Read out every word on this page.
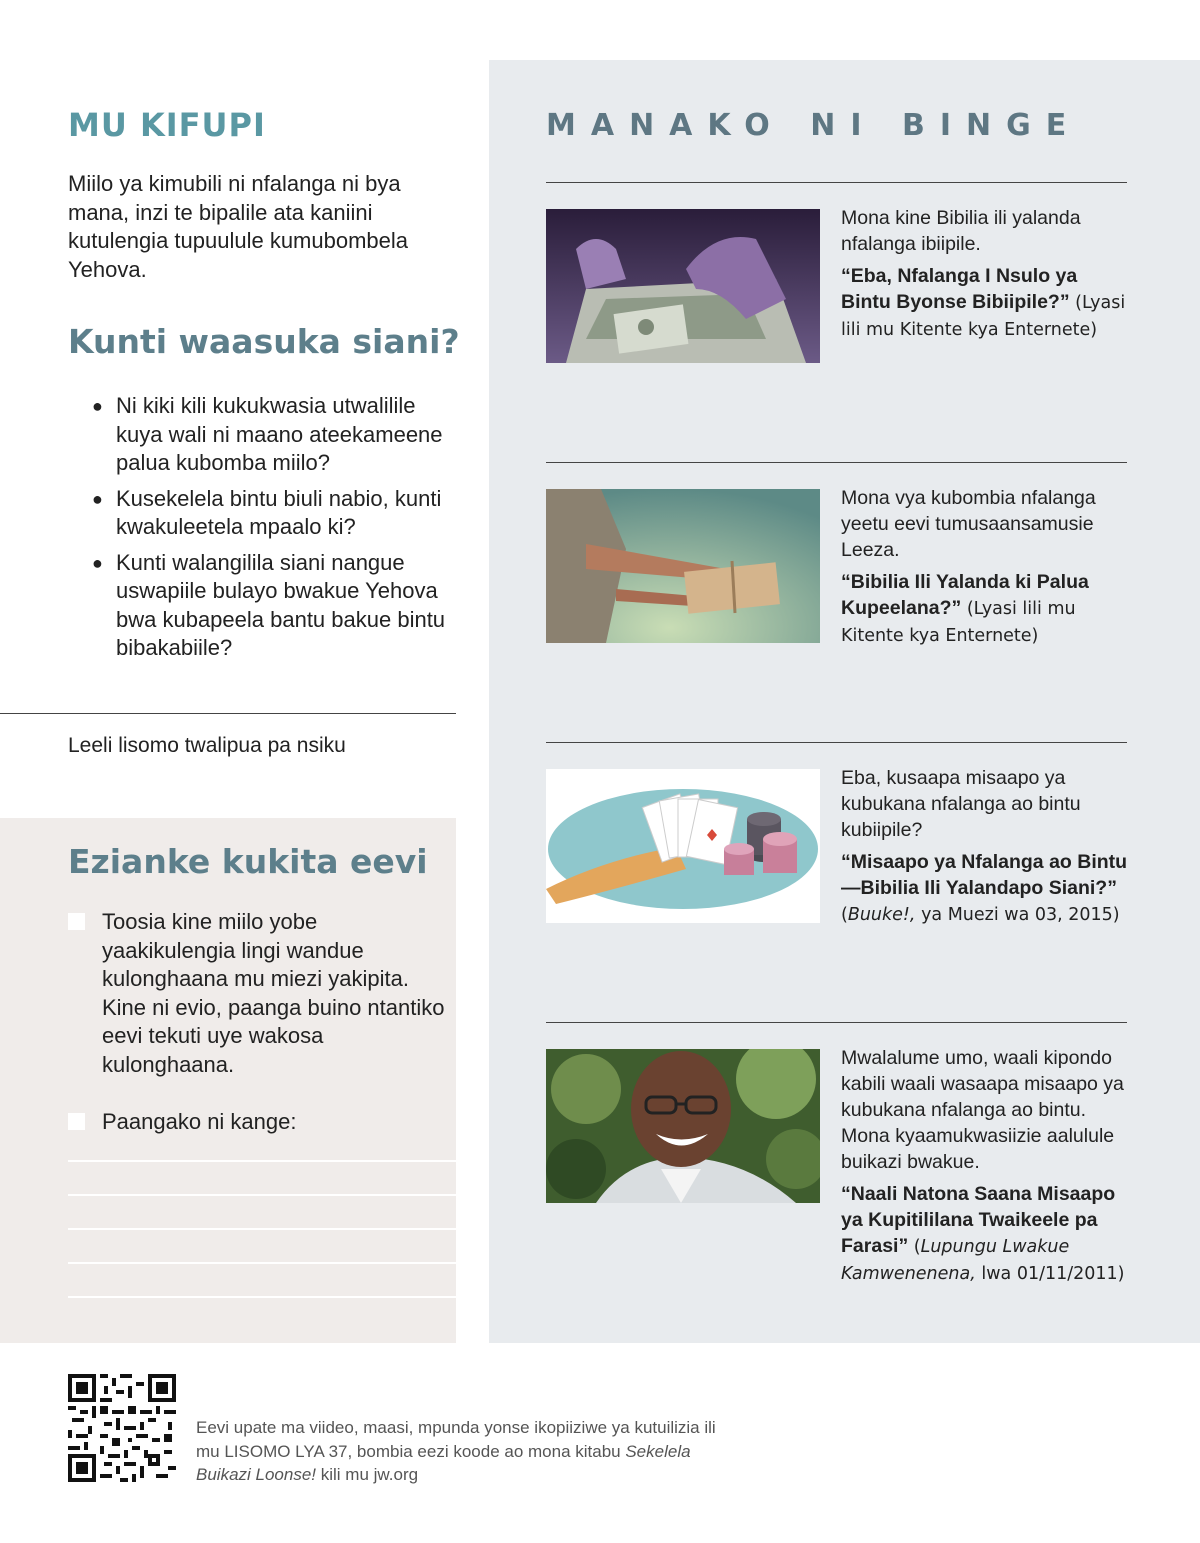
MU KIFUPI

Miilo ya kimubili ni nfalanga ni bya mana, inzi te bipalile ata kaniini kutulengia tupuulule kumubombela Yehova.

Kunti waasuka siani?
● Ni kiki kili kukukwasia utwalilile kuya wali ni maano ateekameene palua kubomba miilo?
● Kusekelela bintu biuli nabio, kunti kwakuleetela mpaalo ki?
● Kunti walangilila siani nangue uswapiile bulayo bwakue Yehova bwa kubapeela bantu bakue bintu bibakabiile?

Leeli lisomo twalipua pa nsiku

Ezianke kukita eevi
Toosia kine miilo yobe yaakikulengia lingi wandue kulonghaana mu miezi yakipita. Kine ni evio, paanga buino ntantiko eevi tekuti uye wakosa kulonghaana.
Paangako ni kange:
MANAKO NI BINGE
Mona kine Bibilia ili yalanda nfalanga ibiipile.
“Eba, Nfalanga I Nsulo ya Bintu Byonse Bibiipile?” (Lyasi lili mu Kitente kya Enternete)
Mona vya kubombia nfalanga yeetu eevi tumusaansamusie Leeza.
“Bibilia Ili Yalanda ki Palua Kupeelana?” (Lyasi lili mu Kitente kya Enternete)
Eba, kusaapa misaapo ya kubukana nfalanga ao bintu kubiipile?
“Misaapo ya Nfalanga ao Bintu—Bibilia Ili Yalandapo Siani?”
(Buuke!, ya Muezi wa 03, 2015)
Mwalalume umo, waali kipondo kabili waali wasaapa misaapo ya kubukana nfalanga ao bintu. Mona kyaamukwasiizie aalulule buikazi bwakue.
“Naali Natona Saana Misaapo ya Kupitililana Twaikeele pa Farasi” (Lupungu Lwakue Kamwenenena, lwa 01/11/2011)

Eevi upate ma viideo, maasi, mpunda yonse ikopiiziwe ya kutuilizia ili mu LISOMO LYA 37, bombia eezi koode ao mona kitabu Sekelela Buikazi Loonse! kili mu jw.org
